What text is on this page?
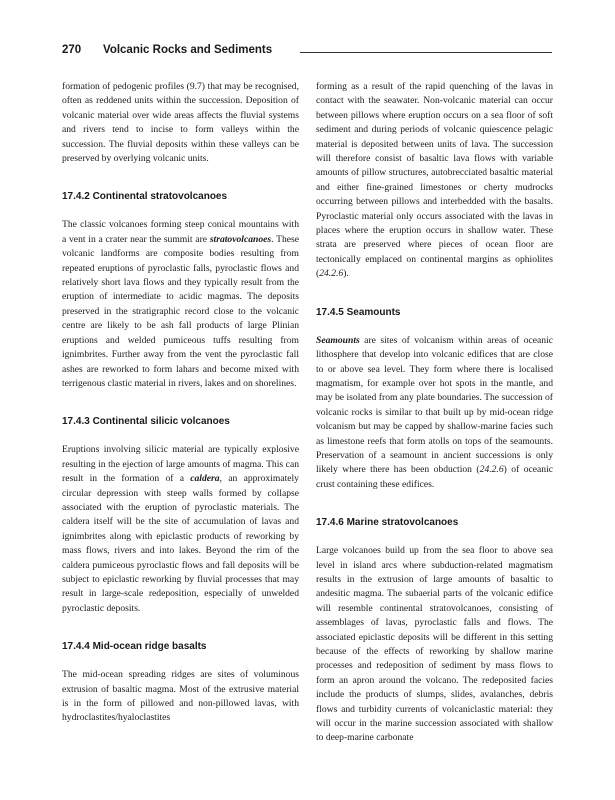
270 Volcanic Rocks and Sediments

formation of pedogenic profiles (9.7) that may be recognised, often as reddened units within the succession. Deposition of volcanic material over wide areas affects the fluvial systems and rivers tend to incise to form valleys within the succession. The fluvial deposits within these valleys can be preserved by overlying volcanic units.

17.4.2 Continental stratovolcanoes

The classic volcanoes forming steep conical mountains with a vent in a crater near the summit are stratovolcanoes. These volcanic landforms are composite bodies resulting from repeated eruptions of pyroclastic falls, pyroclastic flows and relatively short lava flows and they typically result from the eruption of intermediate to acidic magmas. The deposits preserved in the stratigraphic record close to the volcanic centre are likely to be ash fall products of large Plinian eruptions and welded pumiceous tuffs resulting from ignimbrites. Further away from the vent the pyroclastic fall ashes are reworked to form lahars and become mixed with terrigenous clastic material in rivers, lakes and on shorelines.

17.4.3 Continental silicic volcanoes

Eruptions involving silicic material are typically explosive resulting in the ejection of large amounts of magma. This can result in the formation of a caldera, an approximately circular depression with steep walls formed by collapse associated with the eruption of pyroclastic materials. The caldera itself will be the site of accumulation of lavas and ignimbrites along with epiclastic products of reworking by mass flows, rivers and into lakes. Beyond the rim of the caldera pumiceous pyroclastic flows and fall deposits will be subject to epiclastic reworking by fluvial processes that may result in large-scale redeposition, especially of unwelded pyroclastic deposits.

17.4.4 Mid-ocean ridge basalts

The mid-ocean spreading ridges are sites of voluminous extrusion of basaltic magma. Most of the extrusive material is in the form of pillowed and non-pillowed lavas, with hydroclastites/hyaloclastites

forming as a result of the rapid quenching of the lavas in contact with the seawater. Non-volcanic material can occur between pillows where eruption occurs on a sea floor of soft sediment and during periods of volcanic quiescence pelagic material is deposited between units of lava. The succession will therefore consist of basaltic lava flows with variable amounts of pillow structures, autobrecciated basaltic material and either fine-grained limestones or cherty mudrocks occurring between pillows and interbedded with the basalts. Pyroclastic material only occurs associated with the lavas in places where the eruption occurs in shallow water. These strata are preserved where pieces of ocean floor are tectonically emplaced on continental margins as ophiolites (24.2.6).

17.4.5 Seamounts

Seamounts are sites of volcanism within areas of oceanic lithosphere that develop into volcanic edifices that are close to or above sea level. They form where there is localised magmatism, for example over hot spots in the mantle, and may be isolated from any plate boundaries. The succession of volcanic rocks is similar to that built up by mid-ocean ridge volcanism but may be capped by shallow-marine facies such as limestone reefs that form atolls on tops of the seamounts. Preservation of a seamount in ancient successions is only likely where there has been obduction (24.2.6) of oceanic crust containing these edifices.

17.4.6 Marine stratovolcanoes

Large volcanoes build up from the sea floor to above sea level in island arcs where subduction-related magmatism results in the extrusion of large amounts of basaltic to andesitic magma. The subaerial parts of the volcanic edifice will resemble continental stratovolcanoes, consisting of assemblages of lavas, pyroclastic falls and flows. The associated epiclastic deposits will be different in this setting because of the effects of reworking by shallow marine processes and redeposition of sediment by mass flows to form an apron around the volcano. The redeposited facies include the products of slumps, slides, avalanches, debris flows and turbidity currents of volcaniclastic material: they will occur in the marine succession associated with shallow to deep-marine carbonate
